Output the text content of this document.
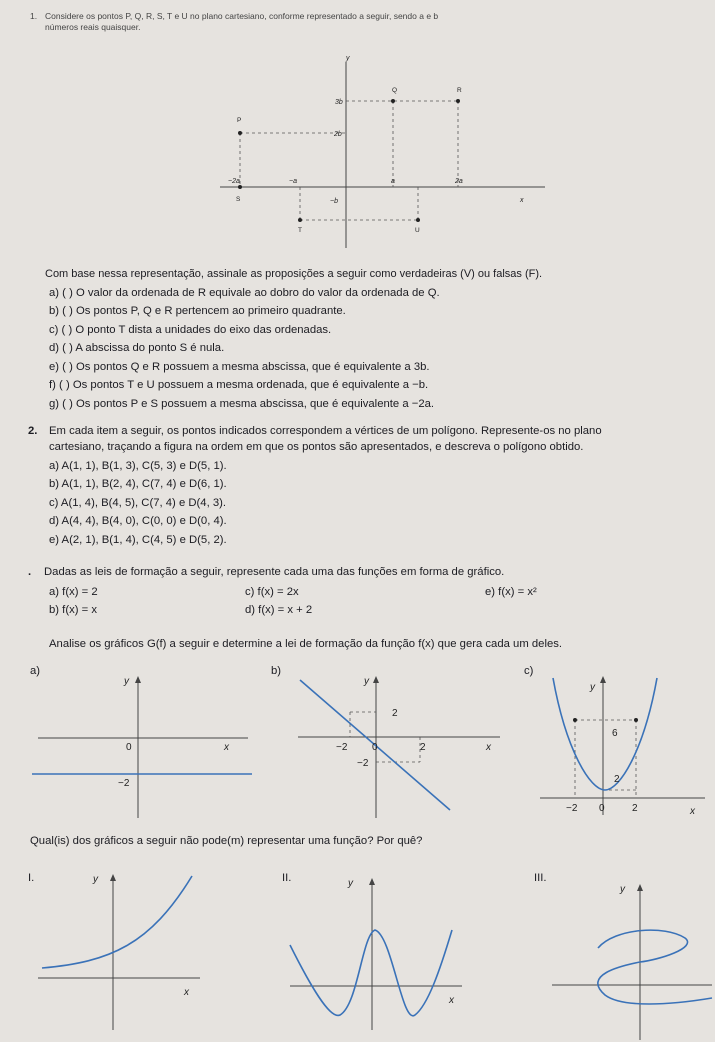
1. Considere os pontos P, Q, R, S, T e U no plano cartesiano, conforme representado a seguir, sendo a e b
números reais quaisquer.
y
x
3b
2b
−2a	−a	a	2a
−b
P
Q	R
S
T	U
Com base nessa representação, assinale as proposições a seguir como verdadeiras (V) ou falsas (F).
a) ( ) O valor da ordenada de R equivale ao dobro do valor da ordenada de Q.
b) ( ) Os pontos P, Q e R pertencem ao primeiro quadrante.
c) ( ) O ponto T dista a unidades do eixo das ordenadas.
d) ( ) A abscissa do ponto S é nula.
e) ( ) Os pontos Q e R possuem a mesma abscissa, que é equivalente a 3b.
f) ( ) Os pontos T e U possuem a mesma ordenada, que é equivalente a −b.
g) ( ) Os pontos P e S possuem a mesma abscissa, que é equivalente a −2a.
2. Em cada item a seguir, os pontos indicados correspondem a vértices de um polígono. Represente-os no plano
cartesiano, traçando a figura na ordem em que os pontos são apresentados, e descreva o polígono obtido.
a) A(1, 1), B(1, 3), C(5, 3) e D(5, 1).
b) A(1, 1), B(2, 4), C(7, 4) e D(6, 1).
c) A(1, 4), B(4, 5), C(7, 4) e D(4, 3).
d) A(4, 4), B(4, 0), C(0, 0) e D(0, 4).
e) A(2, 1), B(1, 4), C(4, 5) e D(5, 2).
. Dadas as leis de formação a seguir, represente cada uma das funções em forma de gráfico.
a) f(x) = 2	c) f(x) = 2x	e) f(x) = x²
b) f(x) = x	d) f(x) = x + 2
Analise os gráficos G(f) a seguir e determine a lei de formação da função f(x) que gera cada um deles.
a)
y
x
0
−2
b)
y
x
0
2
−2	2
−2
c)
y
x
0
6
2
−2	2
Qual(is) dos gráficos a seguir não pode(m) representar uma função? Por quê?
I.	y
x
II.	y
x
III.
y
